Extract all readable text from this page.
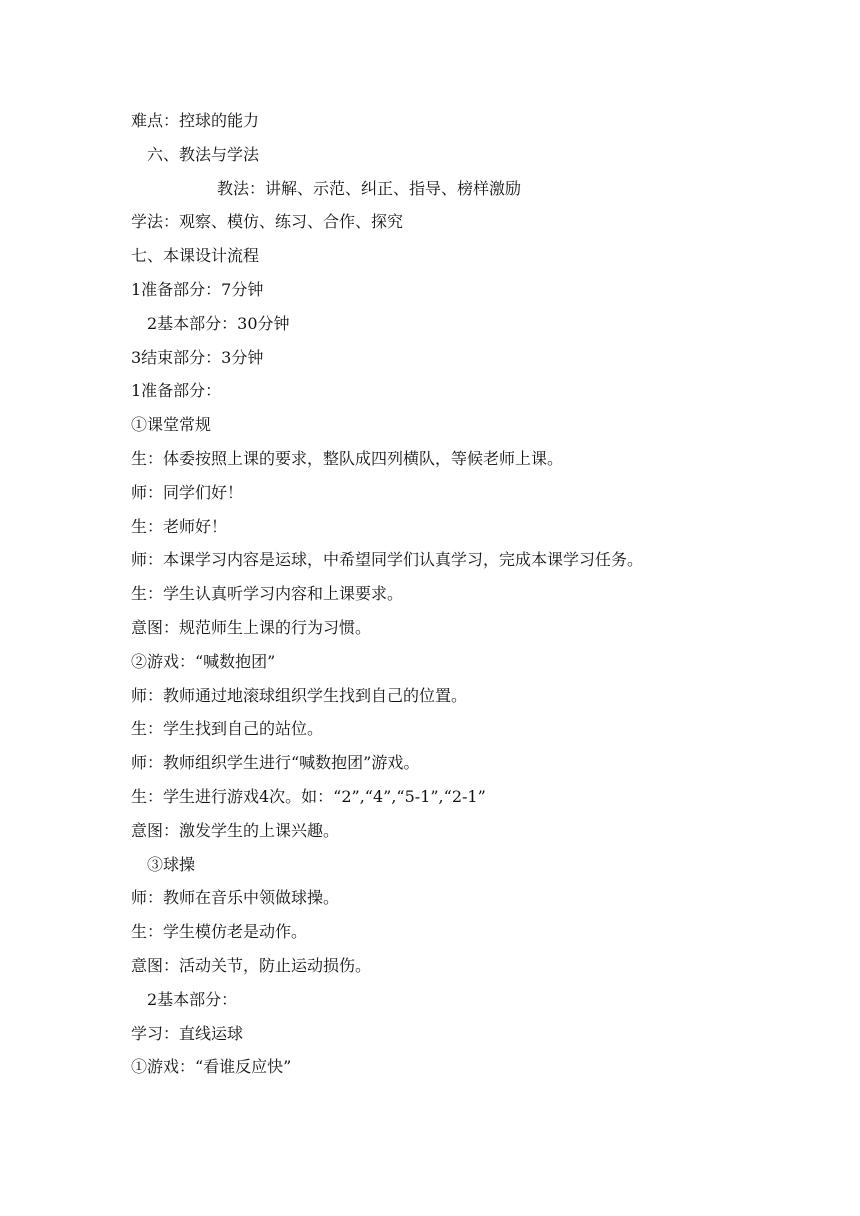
难点：控球的能力
六、教法与学法
教法：讲解、示范、纠正、指导、榜样激励
学法：观察、模仿、练习、合作、探究
七、本课设计流程
1准备部分：7分钟
2基本部分：30分钟
3结束部分：3分钟
1准备部分：
①课堂常规
生：体委按照上课的要求，整队成四列横队，等候老师上课。
师：同学们好！
生：老师好！
师：本课学习内容是运球，中希望同学们认真学习，完成本课学习任务。
生：学生认真听学习内容和上课要求。
意图：规范师生上课的行为习惯。
②游戏：“喊数抱团”
师：教师通过地滚球组织学生找到自己的位置。
生：学生找到自己的站位。
师：教师组织学生进行“喊数抱团”游戏。
生：学生进行游戏4次。如：“2”,“4”,“5-1”,“2-1”
意图：激发学生的上课兴趣。
③球操
师：教师在音乐中领做球操。
生：学生模仿老是动作。
意图：活动关节，防止运动损伤。
2基本部分：
学习：直线运球
①游戏：“看谁反应快”
